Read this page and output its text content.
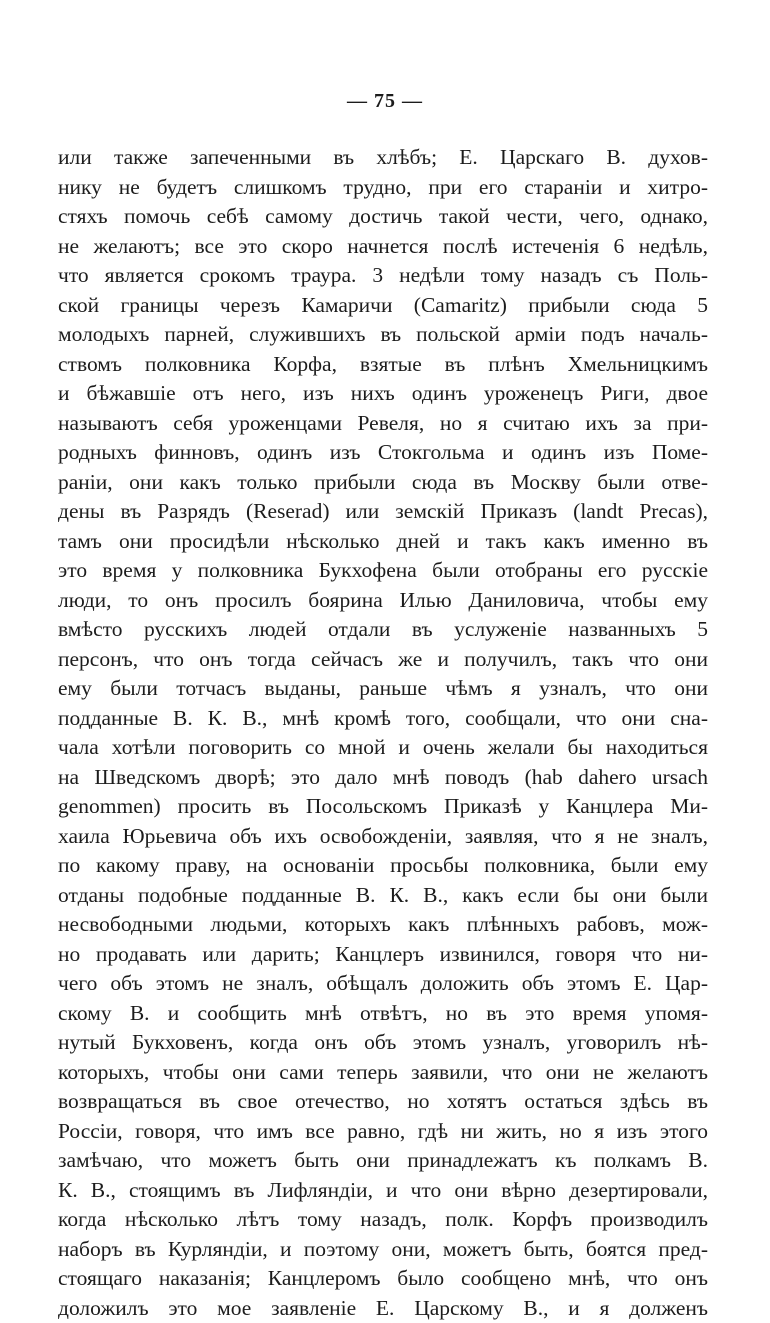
— 75 —
или также запеченными въ хлѣбъ; Е. Царскаго В. духов-
нику не будетъ слишкомъ трудно, при его стараніи и хитро-
стяхъ помочь себѣ самому достичь такой чести, чего, однако,
не желаютъ; все это скоро начнется послѣ истеченія 6 недѣль,
что является срокомъ траура. 3 недѣли тому назадъ съ Поль-
ской границы черезъ Камаричи (Camaritz) прибыли сюда 5
молодыхъ парней, служившихъ въ польской арміи подъ началь-
ствомъ полковника Корфа, взятые въ плѣнъ Хмельницкимъ
и бѣжавшіе отъ него, изъ нихъ одинъ уроженецъ Риги, двое
называютъ себя уроженцами Ревеля, но я считаю ихъ за при-
родныхъ финновъ, одинъ изъ Стокгольма и одинъ изъ Поме-
раніи, они какъ только прибыли сюда въ Москву были отве-
дены въ Разрядъ (Reserad) или земскій Приказъ (landt Precas),
тамъ они просидѣли нѣсколько дней и такъ какъ именно въ
это время у полковника Букхофена были отобраны его русскіе
люди, то онъ просилъ боярина Илью Даниловича, чтобы ему
вмѣсто русскихъ людей отдали въ услуженіе названныхъ 5
персонъ, что онъ тогда сейчасъ же и получилъ, такъ что они
ему были тотчасъ выданы, раньше чѣмъ я узналъ, что они
подданные В. К. В., мнѣ кромѣ того, сообщали, что они сна-
чала хотѣли поговорить со мной и очень желали бы находиться
на Шведскомъ дворѣ; это дало мнѣ поводъ (hab dahero ursach
genommen) просить въ Посольскомъ Приказѣ у Канцлера Ми-
хаила Юрьевича объ ихъ освобожденіи, заявляя, что я не зналъ,
по какому праву, на основаніи просьбы полковника, были ему
отданы подобные подданные В. К. В., какъ если бы они были
несвободными людьми, которыхъ какъ плѣнныхъ рабовъ, мож-
но продавать или дарить; Канцлеръ извинился, говоря что ни-
чего объ этомъ не зналъ, обѣщалъ доложить объ этомъ Е. Цар-
скому В. и сообщить мнѣ отвѣтъ, но въ это время упомя-
нутый Букховенъ, когда онъ объ этомъ узналъ, уговорилъ нѣ-
которыхъ, чтобы они сами теперь заявили, что они не желаютъ
возвращаться въ свое отечество, но хотятъ остаться здѣсь въ
Россіи, говоря, что имъ все равно, гдѣ ни жить, но я изъ этого
замѣчаю, что можетъ быть они принадлежатъ къ полкамъ В.
К. В., стоящимъ въ Лифляндіи, и что они вѣрно дезертировали,
когда нѣсколько лѣтъ тому назадъ, полк. Корфъ производилъ
наборъ въ Курляндіи, и поэтому они, можетъ быть, боятся пред-
стоящаго наказанія; Канцлеромъ было сообщено мнѣ, что онъ
доложилъ это мое заявленіе Е. Царскому В., и я долженъ
